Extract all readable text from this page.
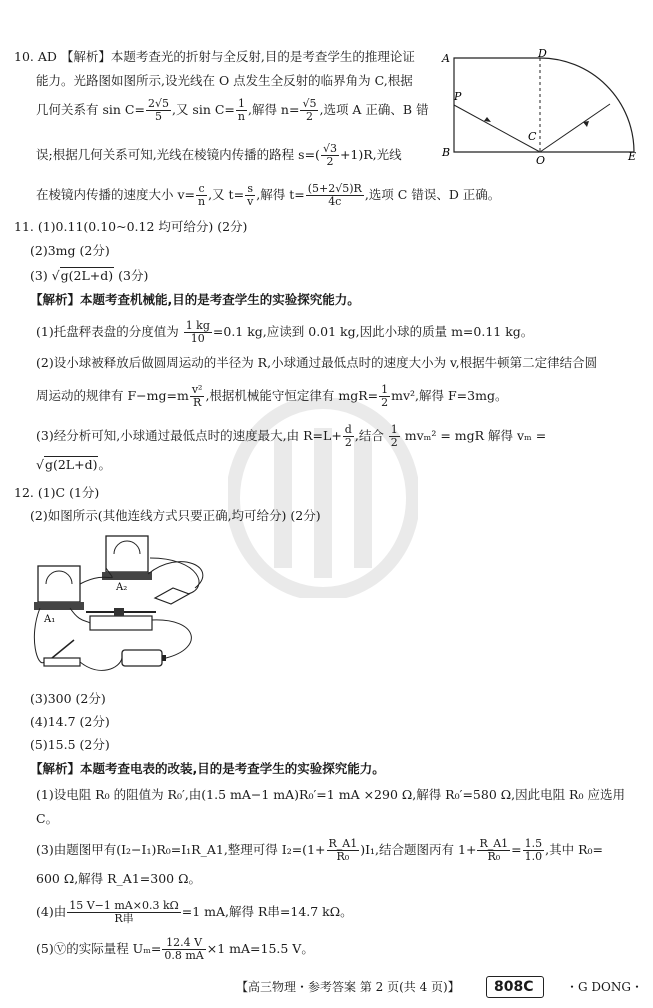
10. AD 【解析】本题考查光的折射与全反射,目的是考查学生的推理论证
能力。光路图如图所示,设光线在 O 点发生全反射的临界角为 C,根据
几何关系有 $\sin C= \frac{2√5}{5}$ ,又 $\sin C= \frac{1}{n}$ ,解得 $n= \frac{√5}{2}$ ,选项 A 正确、B 错
误;根据几何关系可知,光线在棱镜内传播的路程 $s=( \frac{√3}{2} +1)R$,光线
在棱镜内传播的速度大小 $v= \frac{c}{n}$ ,又 $t= \frac{s}{v}$ ,解得 $t= \frac{(5+2√5)R}{4c}$ ,选项 C 错误、D 正确。
A	D
P
C
B
O	E
11. (1)0.11(0.10~0.12 均可给分) (2分)
(2)3mg (2分)
(3) √g(2L+d) (3分)
【解析】本题考查机械能,目的是考查学生的实验探究能力。
(1)托盘秤表盘的分度值为 $\frac{1 kg}{10} =0.1$ kg,应读到 0.01 kg,因此小球的质量 m=0.11 kg。
(2)设小球被释放后做圆周运动的半径为 R,小球通过最低点时的速度大小为 v,根据牛顿第二定律结合圆
周运动的规律有 $F-mg=m \frac{\text{v²}}{R}$ ,根据机械能守恒定律有 $mgR= \frac{1}{2} mv^2$,解得 F=3mg。
(3)经分析可知,小球通过最低点时的速度最大,由 $R=L+ \frac{d}{2}$ ,结合 $\frac{1}{2} mv_m^2$ = mgR 解得 vₘ =
√g(2L+d)。
12. (1)C (1分)
(2)如图所示(其他连线方式只要正确,均可给分) (2分)
A₂
A₁
(3)300 (2分)
(4)14.7 (2分)
(5)15.5 (2分)
【解析】本题考查电表的改装,目的是考查学生的实验探究能力。
(1)设电阻 R₀ 的阻值为 R₀′,由(1.5 mA−1 mA)R₀′=1 mA ×290 Ω,解得 R₀′=580 Ω,因此电阻 R₀ 应选用
C。
(3)由题图甲有(I₂−I₁)R₀=I₁R_A1,整理可得 $I_2=(1+ \frac{R\_A1}{\text{R₀}} )I_1$,结合题图丙有 $1+ \frac{R\_A1}{\text{R₀}} = \frac{1.5}{1.0}$ ,其中 R₀=
600 Ω,解得 R_A1=300 Ω。
(4)由 $\frac{15 V-1 mA\times 0.3 k\Omega}{\text{R串}} =1$ mA,解得 R串=14.7 kΩ。
(5)Ⓥ的实际量程 $U_m= \frac{12.4 V}{0.8 mA} \times 1$ mA=15.5 V。
【高三物理・参考答案 第 2 页(共 4 页)】 808C	・G DONG・
